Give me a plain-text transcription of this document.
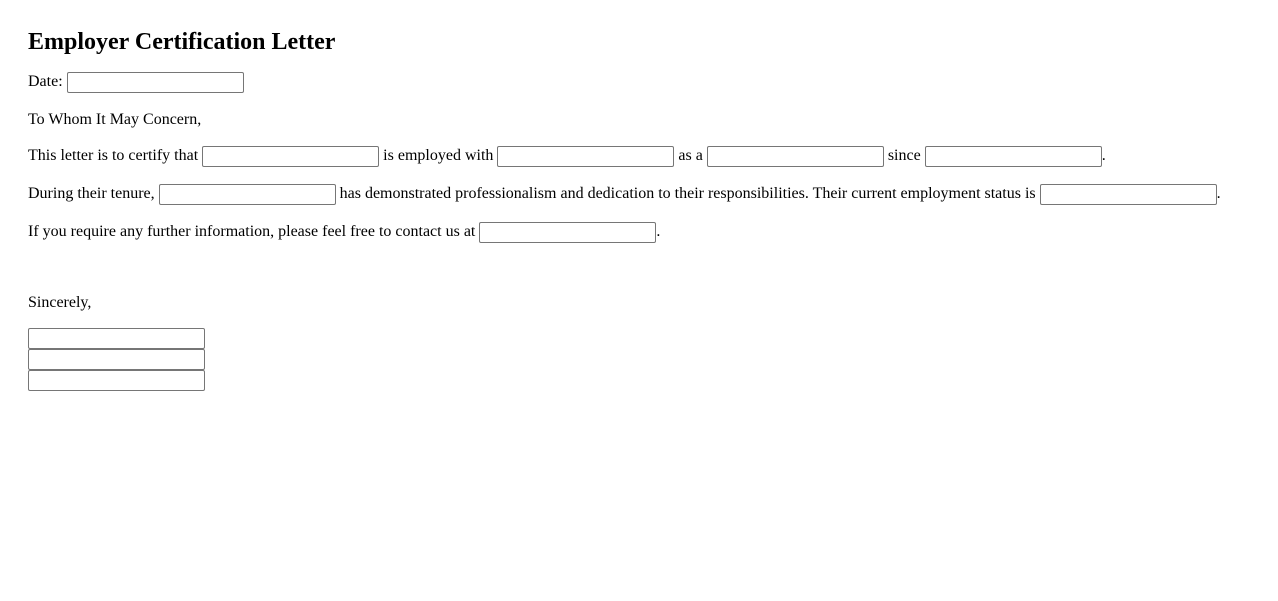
Employer Certification Letter

Date:

To Whom It May Concern,

This letter is to certify that	is employed with	as a	since	.

During their tenure,	has demonstrated professionalism and dedication to their responsibilities. Their current employment status is	.

If you require any further information, please feel free to contact us at	.

Sincerely,
